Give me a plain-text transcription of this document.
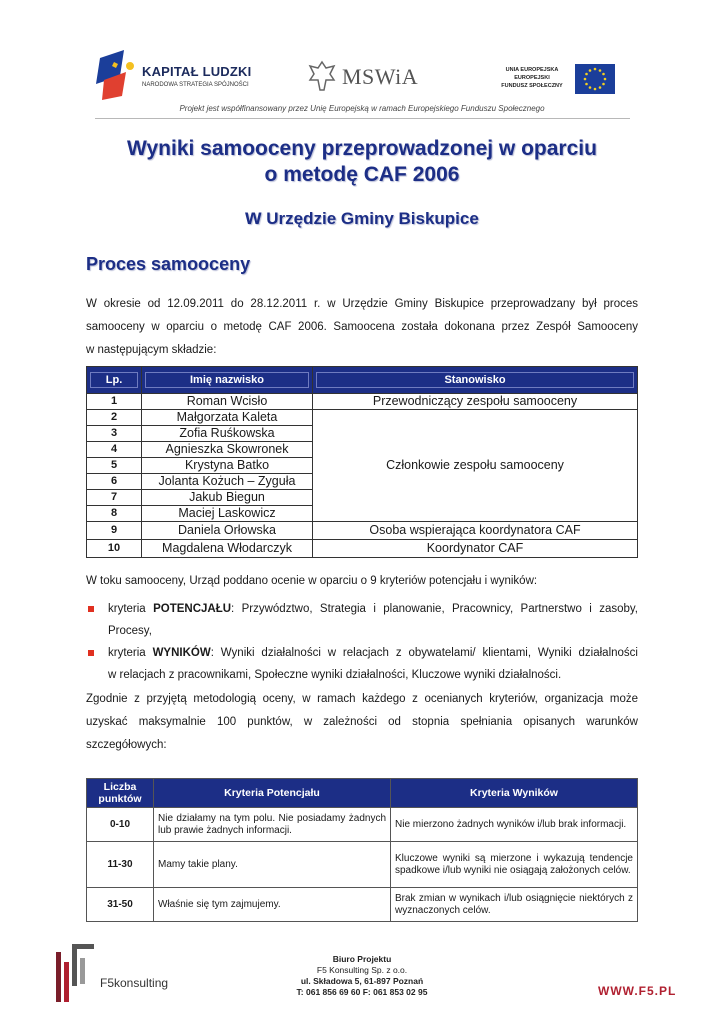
KAPITAŁ LUDZKI
NARODOWA STRATEGIA SPÓJNOŚCI	MSWiA	UNIA EUROPEJSKA
EUROPEJSKI
FUNDUSZ SPOŁECZNY
Projekt jest współfinansowany przez Unię Europejską w ramach Europejskiego Funduszu Społecznego
Wyniki samooceny przeprowadzonej w oparciu
o metodę CAF 2006
w Urzędzie Gminy Biskupice
Proces samooceny
W okresie od 12.09.2011 do 28.12.2011 r. w Urzędzie Gminy Biskupice przeprowadzany był proces
samooceny w oparciu o metodę CAF 2006. Samoocena została dokonana przez Zespół Samooceny
w następującym składzie:
Lp.	Imię nazwisko	Stanowisko

1	Roman Wcisło	Przewodniczący zespołu samooceny
2	Małgorzata Kaleta	Członkowie zespołu samooceny
3	Zofia Ruśkowska	
4	Agnieszka Skowronek	
5	Krystyna Batko	
6	Jolanta Kożuch – Zyguła	
7	Jakub Biegun	
8	Maciej Laskowicz	
9	Daniela Orłowska	Osoba wspierająca koordynatora CAF
10	Magdalena Włodarczyk	Koordynator CAF
W toku samooceny, Urząd poddano ocenie w oparciu o 9 kryteriów potencjału i wyników:
kryteria POTENCJAŁU: Przywództwo, Strategia i planowanie, Pracownicy, Partnerstwo i zasoby,
Procesy,
kryteria WYNIKÓW: Wyniki działalności w relacjach z obywatelami/ klientami, Wyniki działalności
w relacjach z pracownikami, Społeczne wyniki działalności, Kluczowe wyniki działalności.
Zgodnie z przyjętą metodologią oceny, w ramach każdego z ocenianych kryteriów, organizacja może
uzyskać maksymalnie 100 punktów, w zależności od stopnia spełniania opisanych warunków
szczegółowych:
Liczba
punktów	Kryteria Potencjału	Kryteria Wyników
0-10	Nie działamy na tym polu. Nie posiadamy żadnych lub prawie żadnych informacji.	Nie mierzono żadnych wyników i/lub brak informacji.
11-30	Mamy takie plany.	Kluczowe wyniki są mierzone i wykazują tendencje spadkowe i/lub wyniki nie osiągają założonych celów.
31-50	Właśnie się tym zajmujemy.	Brak zmian w wynikach i/lub osiągnięcie niektórych z wyznaczonych celów.
F5konsulting
Biuro Projektu
F5 Konsulting Sp. z o.o.
ul. Składowa 5, 61-897 Poznań
T: 061 856 69 60 F: 061 853 02 95	WWW.F5.PL
